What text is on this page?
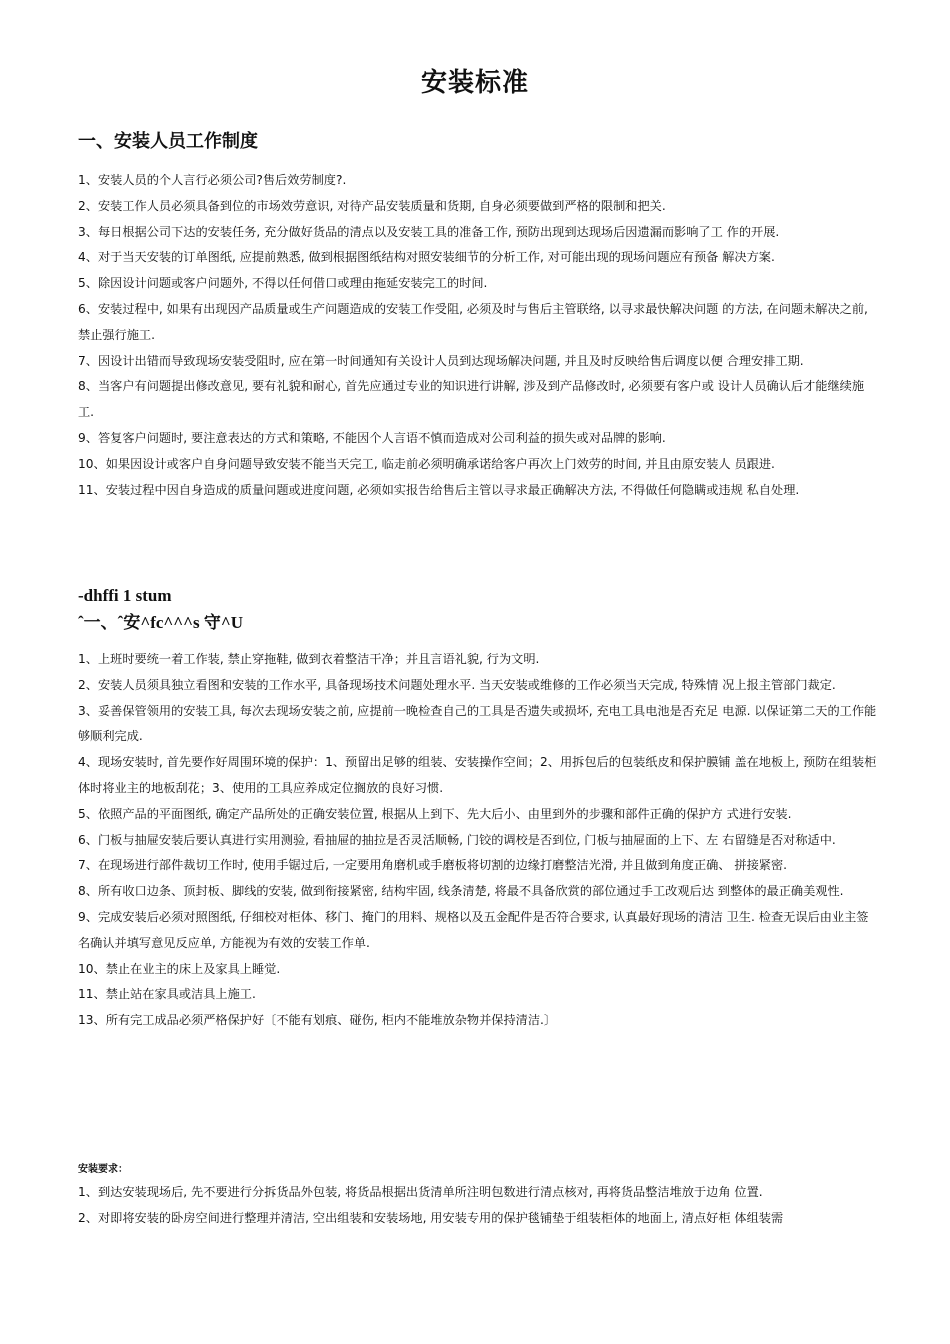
安装标准
一、安装人员工作制度
1、安装人员的个人言行必须公司?售后效劳制度?.
2、安装工作人员必须具备到位的市场效劳意识, 对待产品安装质量和货期, 自身必须要做到严格的限制和把关.
3、每日根据公司下达的安装任务, 充分做好货品的清点以及安装工具的准备工作, 预防出现到达现场后因遗漏而影响了工 作的开展.
4、对于当天安装的订单图纸, 应提前熟悉, 做到根据图纸结构对照安装细节的分析工作, 对可能出现的现场问题应有预备 解决方案.
5、除因设计问题或客户问题外, 不得以任何借口或理由拖延安装完工的时间.
6、安装过程中, 如果有出现因产品质量或生产问题造成的安装工作受阻, 必须及时与售后主管联络, 以寻求最快解决问题 的方法, 在问题未解决之前, 禁止强行施工.
7、因设计出错而导致现场安装受阻时, 应在第一时间通知有关设计人员到达现场解决问题, 并且及时反映给售后调度以便 合理安排工期.
8、当客户有问题提出修改意见, 要有礼貌和耐心, 首先应通过专业的知识进行讲解, 涉及到产品修改时, 必须要有客户或 设计人员确认后才能继续施工.
9、答复客户问题时, 要注意表达的方式和策略, 不能因个人言语不慎而造成对公司利益的损失或对品牌的影响.
10、如果因设计或客户自身问题导致安装不能当天完工, 临走前必须明确承诺给客户再次上门效劳的时间, 并且由原安装人 员跟进.
11、安装过程中因自身造成的质量问题或进度问题, 必须如实报告给售后主管以寻求最正确解决方法, 不得做任何隐瞒或违规 私自处理.
-dhffi 1 stum
ˆ一、ˆ安^fc^^^s 守^U
1、上班时要统一着工作装, 禁止穿拖鞋, 做到衣着整洁干净；并且言语礼貌, 行为文明.
2、安装人员须具独立看图和安装的工作水平, 具备现场技术问题处理水平. 当天安装或维修的工作必须当天完成, 特殊情 况上报主管部门裁定.
3、妥善保管领用的安装工具, 每次去现场安装之前, 应提前一晚检查自己的工具是否遗失或损坏, 充电工具电池是否充足 电源. 以保证第二天的工作能够顺利完成.
4、现场安装时, 首先要作好周围环境的保护：1、预留出足够的组装、安装操作空间；2、用拆包后的包装纸皮和保护膜铺 盖在地板上, 预防在组装柜体时将业主的地板刮花；3、使用的工具应养成定位搁放的良好习惯.
5、依照产品的平面图纸, 确定产品所处的正确安装位置, 根据从上到下、先大后小、由里到外的步骤和部件正确的保护方 式进行安装.
6、门板与抽屉安装后要认真进行实用测验, 看抽屉的抽拉是否灵活顺畅, 门铰的调校是否到位, 门板与抽屉面的上下、左 右留缝是否对称适中.
7、在现场进行部件裁切工作时, 使用手锯过后, 一定要用角磨机或手磨板将切割的边缘打磨整洁光滑, 并且做到角度正确、 拼接紧密.
8、所有收口边条、顶封板、脚线的安装, 做到衔接紧密, 结构牢固, 线条清楚, 将最不具备欣赏的部位通过手工改观后达 到整体的最正确美观性.
9、完成安装后必须对照图纸, 仔细校对柜体、移门、掩门的用料、规格以及五金配件是否符合要求, 认真最好现场的清洁 卫生. 检查无误后由业主签名确认并填写意见反应单, 方能视为有效的安装工作单.
10、禁止在业主的床上及家具上睡觉.
11、禁止站在家具或洁具上施工.
13、所有完工成品必须严格保护好〔不能有划痕、碰伤, 柜内不能堆放杂物并保持清洁.〕
安装要求：
1、到达安装现场后, 先不要进行分拆货品外包装, 将货品根据出货清单所注明包数进行清点核对, 再将货品整洁堆放于边角 位置.
2、对即将安装的卧房空间进行整理并清洁, 空出组装和安装场地, 用安装专用的保护毯铺垫于组装柜体的地面上, 清点好柜 体组装需
